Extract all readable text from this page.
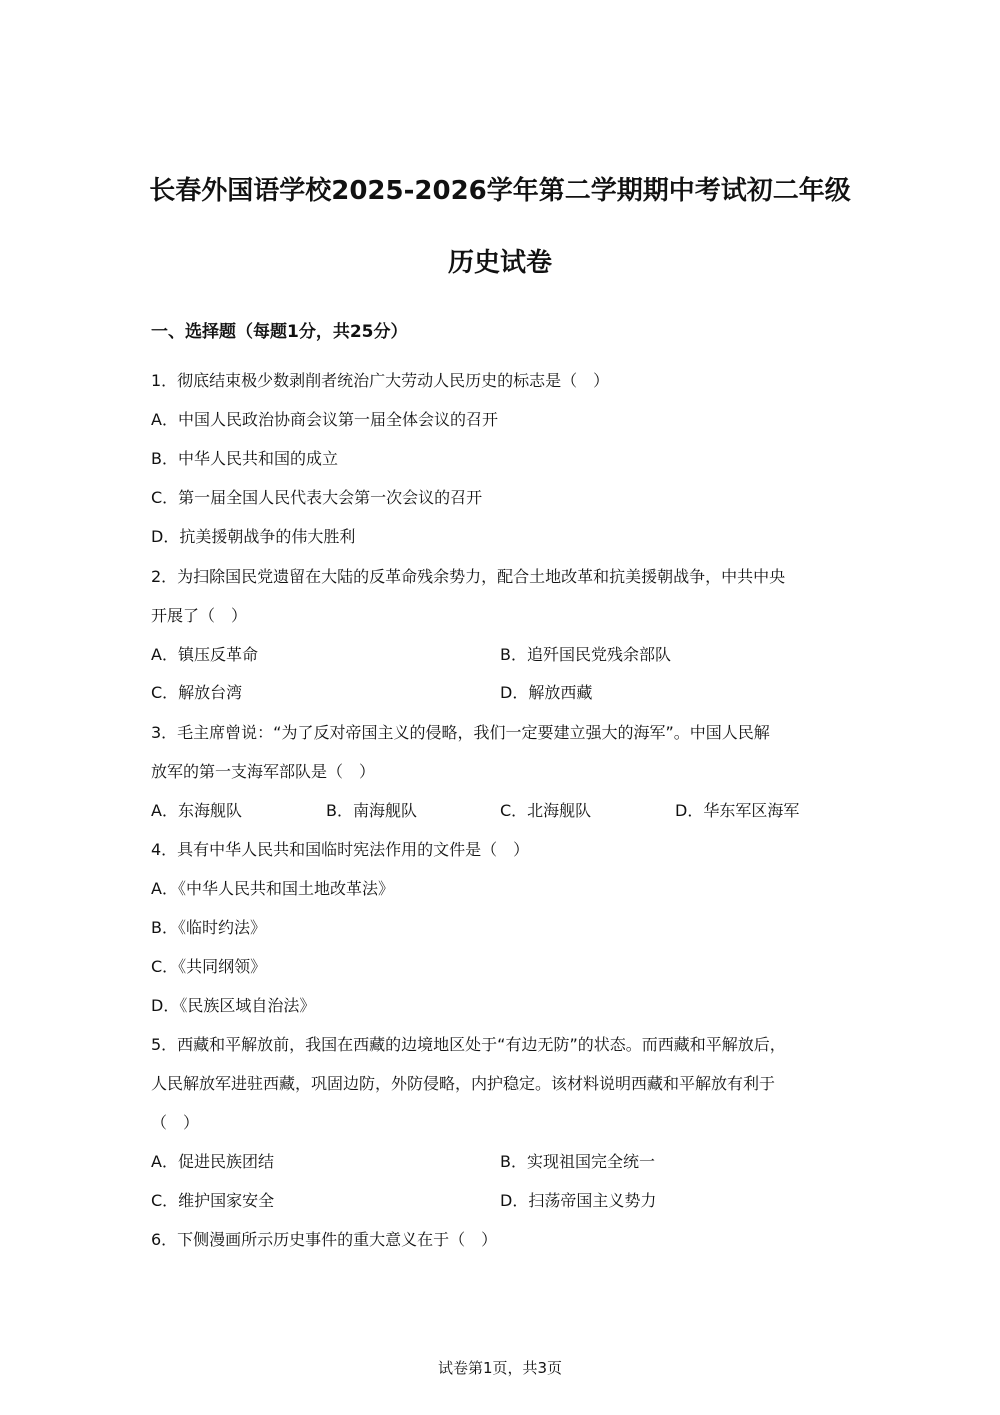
长春外国语学校2025-2026学年第二学期期中考试初二年级
历史试卷
一、选择题（每题1分，共25分）
1．彻底结束极少数剥削者统治广大劳动人民历史的标志是（　）
A．中国人民政治协商会议第一届全体会议的召开
B．中华人民共和国的成立
C．第一届全国人民代表大会第一次会议的召开
D．抗美援朝战争的伟大胜利
2．为扫除国民党遗留在大陆的反革命残余势力，配合土地改革和抗美援朝战争，中共中央
开展了（　）
A．镇压反革命	B．追歼国民党残余部队
C．解放台湾	D．解放西藏
3．毛主席曾说：“为了反对帝国主义的侵略，我们一定要建立强大的海军”。中国人民解
放军的第一支海军部队是（　）
A．东海舰队	B．南海舰队	C．北海舰队	D．华东军区海军
4．具有中华人民共和国临时宪法作用的文件是（　）
A．《中华人民共和国土地改革法》
B．《临时约法》
C．《共同纲领》
D．《民族区域自治法》
5．西藏和平解放前，我国在西藏的边境地区处于“有边无防”的状态。而西藏和平解放后，
人民解放军进驻西藏，巩固边防，外防侵略，内护稳定。该材料说明西藏和平解放有利于
（　）
A．促进民族团结	B．实现祖国完全统一
C．维护国家安全	D．扫荡帝国主义势力
6．下侧漫画所示历史事件的重大意义在于（　）
试卷第1页，共3页
